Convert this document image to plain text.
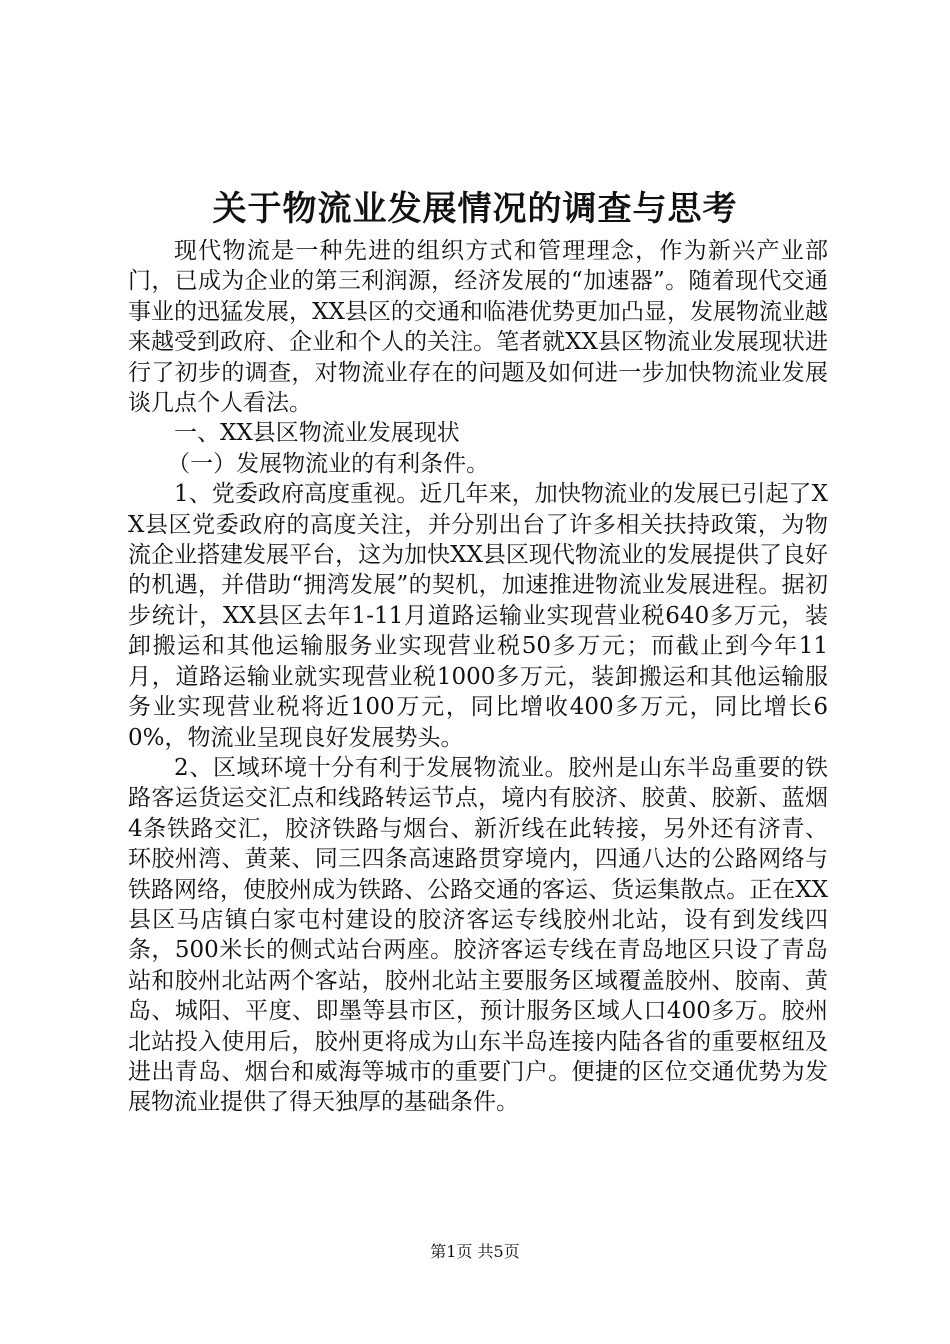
关于物流业发展情况的调查与思考

现代物流是一种先进的组织方式和管理理念，作为新兴产业部门，已成为企业的第三利润源，经济发展的“加速器”。随着现代交通事业的迅猛发展，XX县区的交通和临港优势更加凸显，发展物流业越来越受到政府、企业和个人的关注。笔者就XX县区物流业发展现状进行了初步的调查，对物流业存在的问题及如何进一步加快物流业发展谈几点个人看法。

一、XX县区物流业发展现状

（一）发展物流业的有利条件。

1、党委政府高度重视。近几年来，加快物流业的发展已引起了XX县区党委政府的高度关注，并分别出台了许多相关扶持政策，为物流企业搭建发展平台，这为加快XX县区现代物流业的发展提供了良好的机遇，并借助“拥湾发展”的契机，加速推进物流业发展进程。据初步统计，XX县区去年1-11月道路运输业实现营业税640多万元，装卸搬运和其他运输服务业实现营业税50多万元；而截止到今年11月，道路运输业就实现营业税1000多万元，装卸搬运和其他运输服务业实现营业税将近100万元，同比增收400多万元，同比增长60%，物流业呈现良好发展势头。

2、区域环境十分有利于发展物流业。胶州是山东半岛重要的铁路客运货运交汇点和线路转运节点，境内有胶济、胶黄、胶新、蓝烟4条铁路交汇，胶济铁路与烟台、新沂线在此转接，另外还有济青、环胶州湾、黄莱、同三四条高速路贯穿境内，四通八达的公路网络与铁路网络，使胶州成为铁路、公路交通的客运、货运集散点。正在XX县区马店镇白家屯村建设的胶济客运专线胶州北站，设有到发线四条，500米长的侧式站台两座。胶济客运专线在青岛地区只设了青岛站和胶州北站两个客站，胶州北站主要服务区域覆盖胶州、胶南、黄岛、城阳、平度、即墨等县市区，预计服务区域人口400多万。胶州北站投入使用后，胶州更将成为山东半岛连接内陆各省的重要枢纽及进出青岛、烟台和威海等城市的重要门户。便捷的区位交通优势为发展物流业提供了得天独厚的基础条件。

第1页 共5页
